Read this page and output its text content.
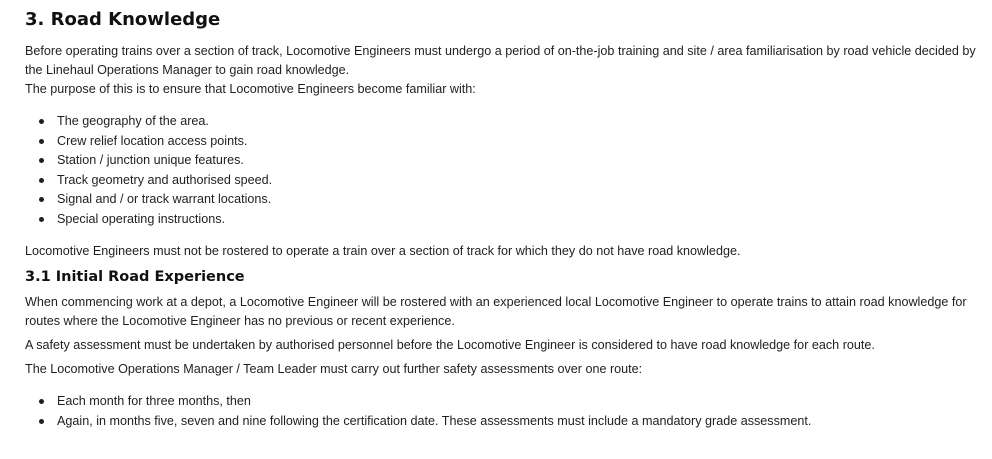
3. Road Knowledge

Before operating trains over a section of track, Locomotive Engineers must undergo a period of on-the-job training and site / area familiarisation by road vehicle decided by the Linehaul Operations Manager to gain road knowledge.

The purpose of this is to ensure that Locomotive Engineers become familiar with:

The geography of the area.
Crew relief location access points.
Station / junction unique features.
Track geometry and authorised speed.
Signal and / or track warrant locations.
Special operating instructions.

Locomotive Engineers must not be rostered to operate a train over a section of track for which they do not have road knowledge.

3.1 Initial Road Experience

When commencing work at a depot, a Locomotive Engineer will be rostered with an experienced local Locomotive Engineer to operate trains to attain road knowledge for routes where the Locomotive Engineer has no previous or recent experience.

A safety assessment must be undertaken by authorised personnel before the Locomotive Engineer is considered to have road knowledge for each route.

The Locomotive Operations Manager / Team Leader must carry out further safety assessments over one route:

Each month for three months, then
Again, in months five, seven and nine following the certification date. These assessments must include a mandatory grade assessment.
